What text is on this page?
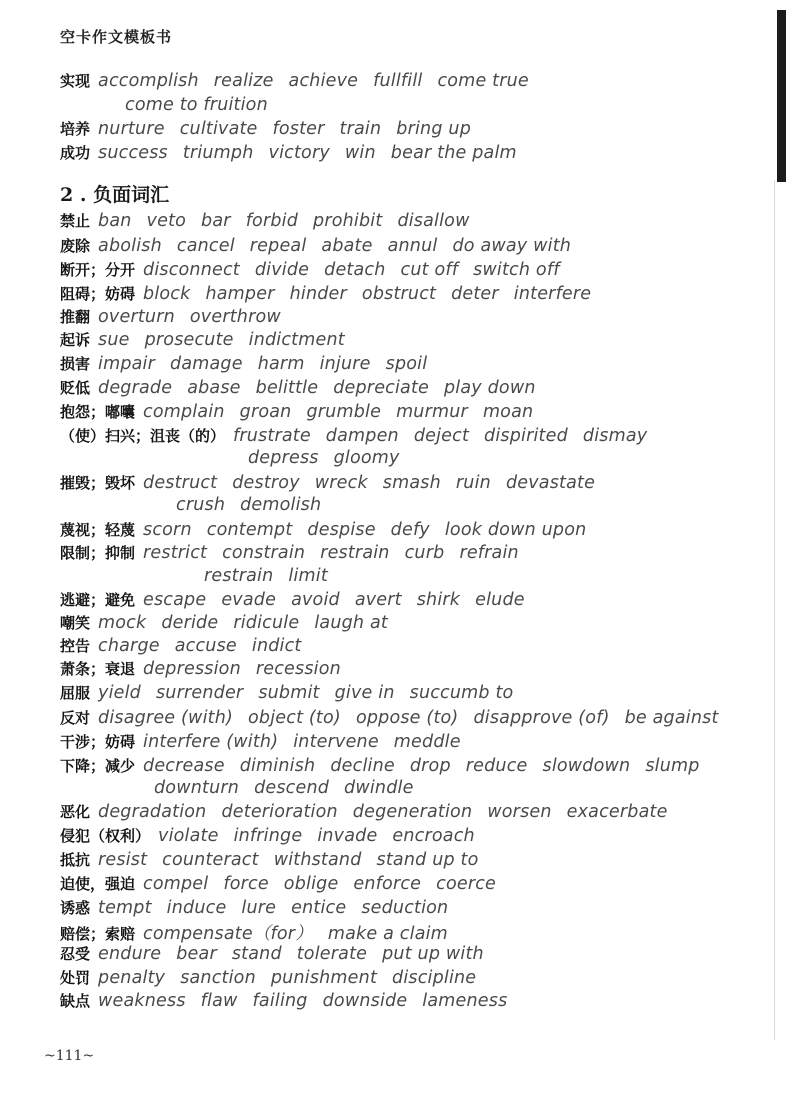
空卡作文模板书
2 . 负面词汇
实现 accomplish realize achieve fullfill come true
come to fruition
培养 nurture cultivate foster train bring up
成功 success triumph victory win bear the palm
禁止 ban veto bar forbid prohibit disallow
废除 abolish cancel repeal abate annul do away with
断开；分开 disconnect divide detach cut off switch off
阻碍；妨碍 block hamper hinder obstruct deter interfere
推翻 overturn overthrow
起诉 sue prosecute indictment
损害 impair damage harm injure spoil
贬低 degrade abase belittle depreciate play down
抱怨；嘟囔 complain groan grumble murmur moan
（使）扫兴；沮丧（的） frustrate dampen deject dispirited dismay
depress gloomy
摧毁；毁坏 destruct destroy wreck smash ruin devastate
crush demolish
蔑视；轻蔑 scorn contempt despise defy look down upon
限制；抑制 restrict constrain restrain curb refrain
restrain limit
逃避；避免 escape evade avoid avert shirk elude
嘲笑 mock deride ridicule laugh at
控告 charge accuse indict
萧条；衰退 depression recession
屈服 yield surrender submit give in succumb to
反对 disagree (with) object (to) oppose (to) disapprove (of) be against
干涉；妨碍 interfere (with) intervene meddle
下降；减少 decrease diminish decline drop reduce slowdown slump
downturn descend dwindle
恶化 degradation deterioration degeneration worsen exacerbate
侵犯（权利） violate infringe invade encroach
抵抗 resist counteract withstand stand up to
迫使，强迫 compel force oblige enforce coerce
诱惑 tempt induce lure entice seduction
赔偿；索赔 compensate（for） make a claim
忍受 endure bear stand tolerate put up with
处罚 penalty sanction punishment discipline
缺点 weakness flaw failing downside lameness
~111~
